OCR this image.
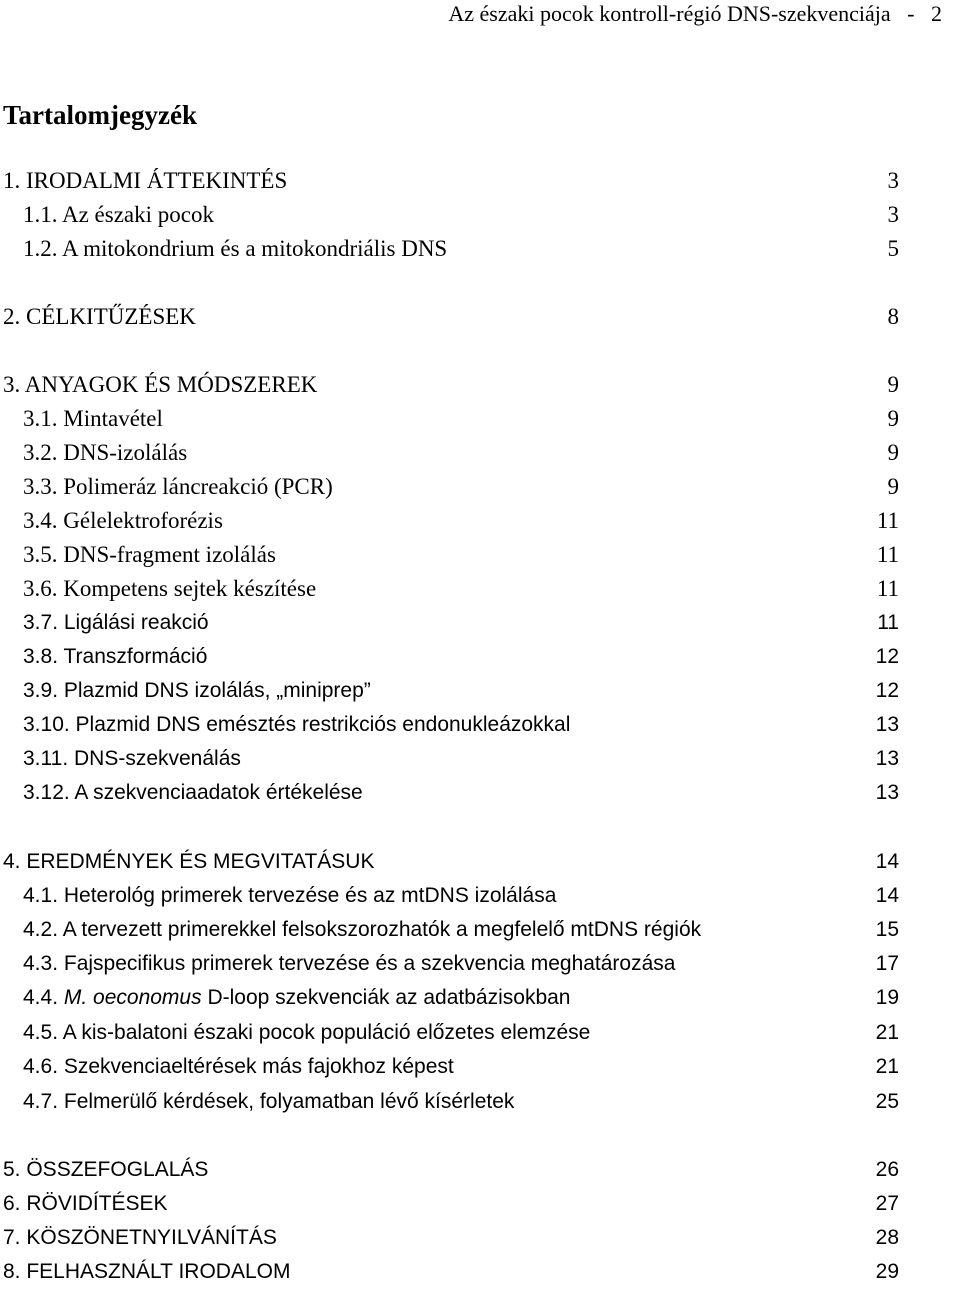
Az északi pocok kontroll-régió DNS-szekvenciája - 2
Tartalomjegyzék
1. IRODALMI ÁTTEKINTÉS	3
1.1. Az északi pocok	3
1.2. A mitokondrium és a mitokondriális DNS	5
2. CÉLKITŰZÉSEK	8
3. ANYAGOK ÉS MÓDSZEREK	9
3.1. Mintavétel	9
3.2. DNS-izolálás	9
3.3. Polimeráz láncreakció (PCR)	9
3.4. Gélelektroforézis	11
3.5. DNS-fragment izolálás	11
3.6. Kompetens sejtek készítése	11
3.7. Ligálási reakció	11
3.8. Transzformáció	12
3.9. Plazmid DNS izolálás, „miniprep”	12
3.10. Plazmid DNS emésztés restrikciós endonukleázokkal	13
3.11. DNS-szekvenálás	13
3.12. A szekvenciaadatok értékelése	13
4. EREDMÉNYEK ÉS MEGVITATÁSUK	14
4.1. Heterológ primerek tervezése és az mtDNS izolálása	14
4.2. A tervezett primerekkel felsokszorozhatók a megfelelő mtDNS régiók	15
4.3. Fajspecifikus primerek tervezése és a szekvencia meghatározása	17
4.4. M. oeconomus D-loop szekvenciák az adatbázisokban	19
4.5. A kis-balatoni északi pocok populáció előzetes elemzése	21
4.6. Szekvenciaeltérések más fajokhoz képest	21
4.7. Felmerülő kérdések, folyamatban lévő kísérletek	25
5. ÖSSZEFOGLALÁS	26
6. RÖVIDÍTÉSEK	27
7. KÖSZÖNETNYILVÁNÍTÁS	28
8. FELHASZNÁLT IRODALOM	29
